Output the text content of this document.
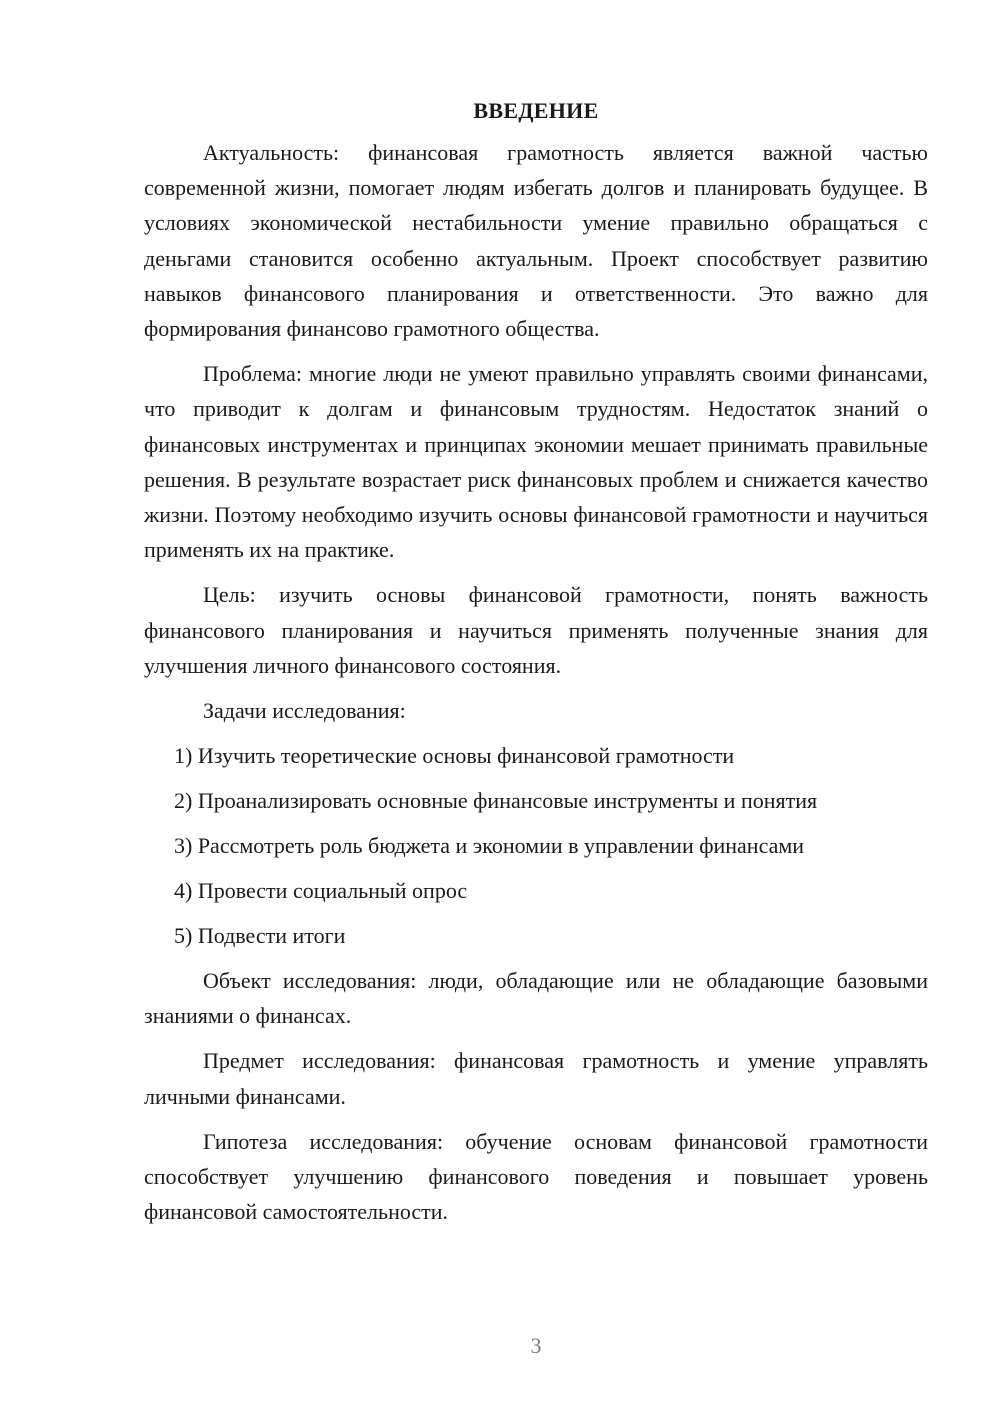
ВВЕДЕНИЕ

Актуальность: финансовая грамотность является важной частью современной жизни, помогает людям избегать долгов и планировать будущее. В условиях экономической нестабильности умение правильно обращаться с деньгами становится особенно актуальным. Проект способствует развитию навыков финансового планирования и ответственности. Это важно для формирования финансово грамотного общества.

Проблема: многие люди не умеют правильно управлять своими финансами, что приводит к долгам и финансовым трудностям. Недостаток знаний о финансовых инструментах и принципах экономии мешает принимать правильные решения. В результате возрастает риск финансовых проблем и снижается качество жизни. Поэтому необходимо изучить основы финансовой грамотности и научиться применять их на практике.

Цель: изучить основы финансовой грамотности, понять важность финансового планирования и научиться применять полученные знания для улучшения личного финансового состояния.

Задачи исследования:

1) Изучить теоретические основы финансовой грамотности
2) Проанализировать основные финансовые инструменты и понятия
3) Рассмотреть роль бюджета и экономии в управлении финансами
4) Провести социальный опрос
5) Подвести итоги

Объект исследования: люди, обладающие или не обладающие базовыми знаниями о финансах.

Предмет исследования: финансовая грамотность и умение управлять личными финансами.

Гипотеза исследования: обучение основам финансовой грамотности способствует улучшению финансового поведения и повышает уровень финансовой самостоятельности.

3
